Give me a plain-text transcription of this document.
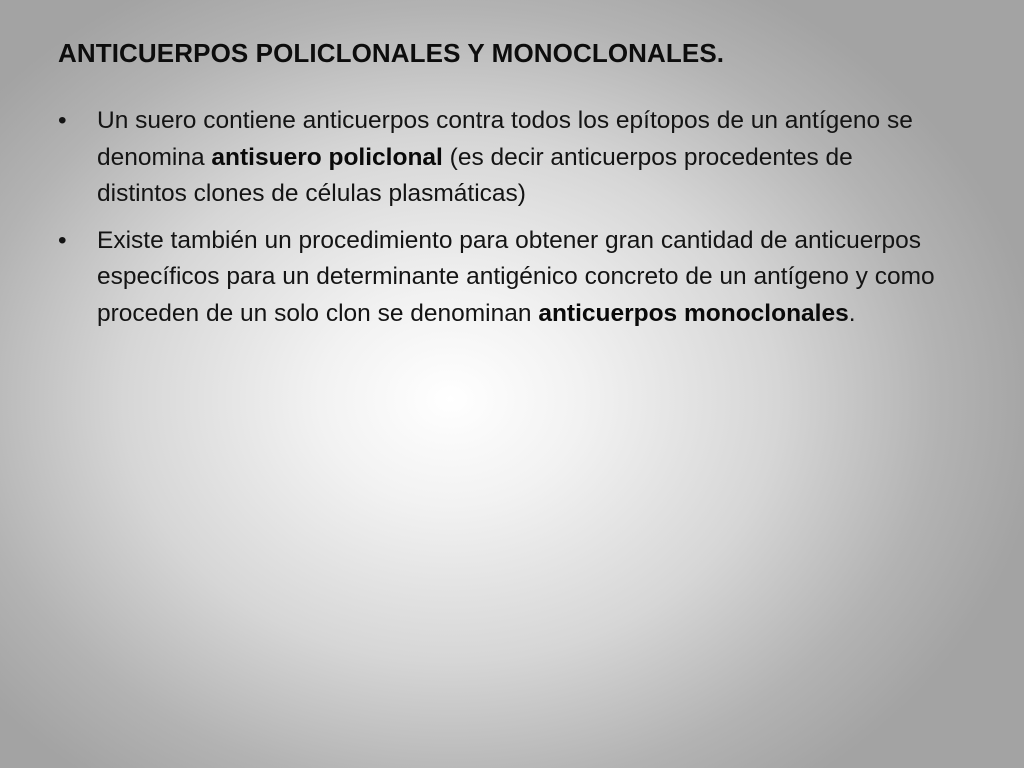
ANTICUERPOS POLICLONALES Y MONOCLONALES.
•	Un suero contiene anticuerpos contra todos los epítopos de un antígeno se denomina antisuero policlonal (es decir anticuerpos procedentes de distintos clones de células plasmáticas)
•	Existe también un procedimiento para obtener gran cantidad de anticuerpos específicos para un determinante antigénico concreto de un antígeno y como proceden de un solo clon se denominan anticuerpos monoclonales.
